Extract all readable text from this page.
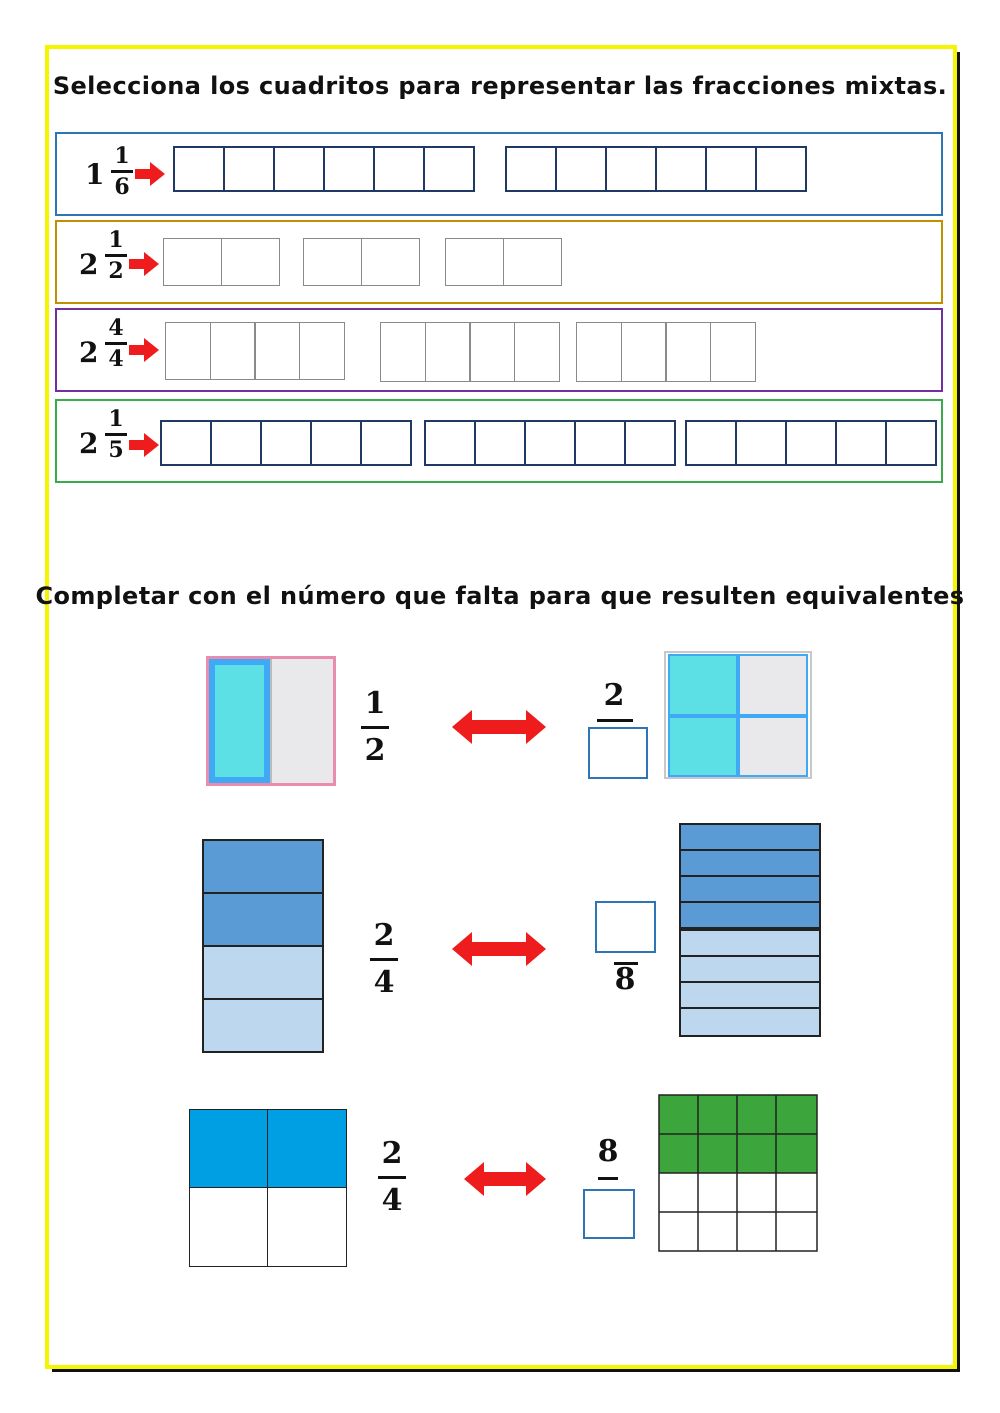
Selecciona los cuadritos para representar las fracciones mixtas.
1
1
6
2
1
2
2
4
4
2
1
5
Completar con el número que falta para que resulten equivalentes
1
2
2
2
4	8
2
4
8
